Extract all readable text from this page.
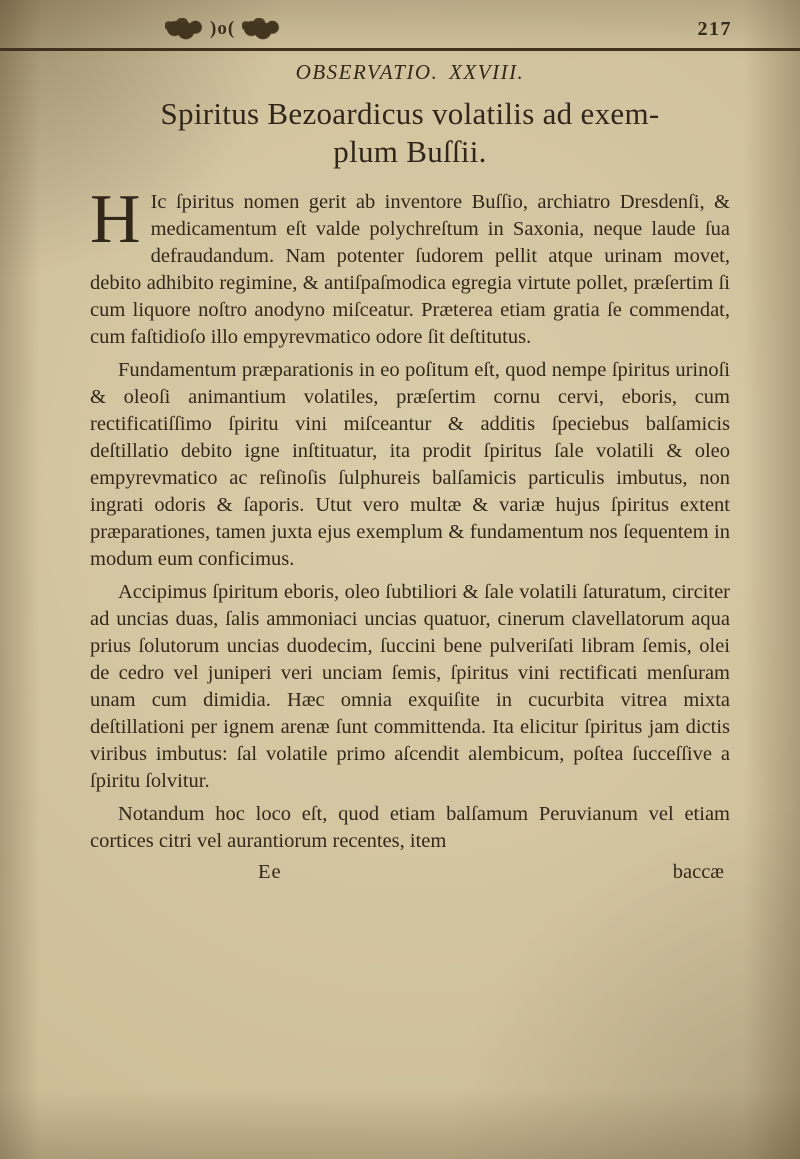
)o(	217
OBSERVATIO. XXVIII.
Spiritus Bezoardicus volatilis ad exem-
plum Buſſii.

H Ic ſpiritus nomen gerit ab inventore Buſſio, archiatro Dresdenſi, & medicamentum eſt valde polychreſtum in Saxonia, neque laude ſua defraudandum. Nam potenter ſudorem pellit atque urinam movet, debito adhibito regimine, & antiſpaſmodica egregia virtute pollet, præſertim ſi cum liquore noſtro anodyno miſceatur. Præterea etiam gratia ſe commendat, cum faſtidioſo illo empyrevmatico odore ſit deſtitutus.

Fundamentum præparationis in eo poſitum eſt, quod nempe ſpiritus urinoſi & oleoſi animantium volatiles, præſertim cornu cervi, eboris, cum rectificatiſſimo ſpiritu vini miſceantur & additis ſpeciebus balſamicis deſtillatio debito igne inſtituatur, ita prodit ſpiritus ſale volatili & oleo empyrevmatico ac reſinoſis ſulphureis balſamicis particulis imbutus, non ingrati odoris & ſaporis. Utut vero multæ & variæ hujus ſpiritus extent præparationes, tamen juxta ejus exemplum & fundamentum nos ſequentem in modum eum conficimus.

Accipimus ſpiritum eboris, oleo ſubtiliori & ſale volatili ſaturatum, circiter ad uncias duas, ſalis ammoniaci uncias quatuor, cinerum clavellatorum aqua prius ſolutorum uncias duodecim, ſuccini bene pulveriſati libram ſemis, olei de cedro vel juniperi veri unciam ſemis, ſpiritus vini rectificati menſuram unam cum dimidia. Hæc omnia exquiſite in cucurbita vitrea mixta deſtillationi per ignem arenæ ſunt committenda. Ita elicitur ſpiritus jam dictis viribus imbutus: ſal volatile primo aſcendit alembicum, poſtea ſucceſſive a ſpiritu ſolvitur.

Notandum hoc loco eſt, quod etiam balſamum Peruvianum vel etiam cortices citri vel aurantiorum recentes, item

Ee	baccæ
